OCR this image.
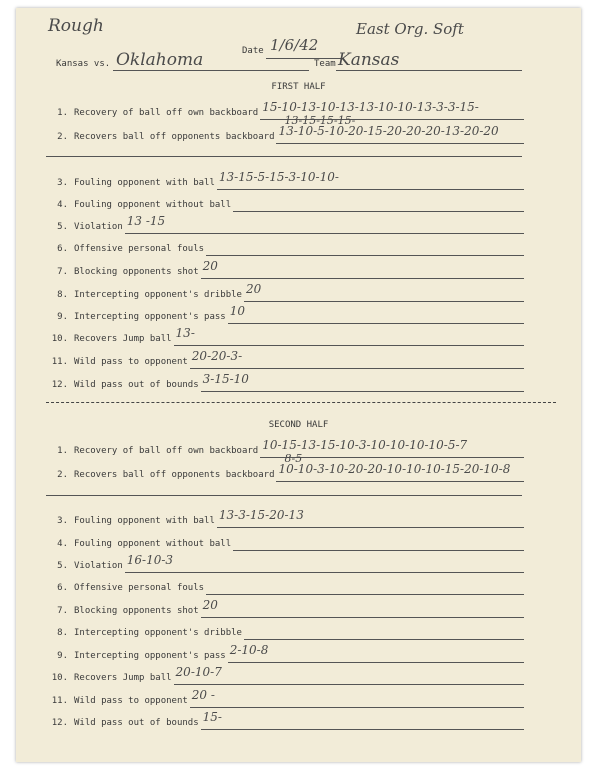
Rough	East Org. Soft
Date 1/6/42
Kansas vs. Oklahoma	Team Kansas
FIRST HALF
1. Recovery of ball off own backboard 15-10-13-10-13-13-10-10-13-3-3-15-
2. Recovers ball off opponents backboard 13-10-5-10-20-15-20-20-20-13-20-20
13-15-15-15-
3. Fouling opponent with ball 13-15-5-15-3-10-10-
4. Fouling opponent without ball
5. Violation 13 -15
6. Offensive personal fouls
7. Blocking opponents shot 20
8. Intercepting opponent's dribble 20
9. Intercepting opponent's pass 10
10. Recovers Jump ball 13-
11. Wild pass to opponent 20-20-3-
12. Wild pass out of bounds 3-15-10
SECOND HALF
1. Recovery of ball off own backboard 10-15-13-15-10-3-10-10-10-10-5-7
2. Recovers ball off opponents backboard 10-10-3-10-20-20-10-10-10-15-20-10-8
8-5
3. Fouling opponent with ball 13-3-15-20-13
4. Fouling opponent without ball
5. Violation 16-10-3
6. Offensive personal fouls
7. Blocking opponents shot 20
8. Intercepting opponent's dribble
9. Intercepting opponent's pass 2-10-8
10. Recovers Jump ball 20-10-7
11. Wild pass to opponent 20 -
12. Wild pass out of bounds 15-
